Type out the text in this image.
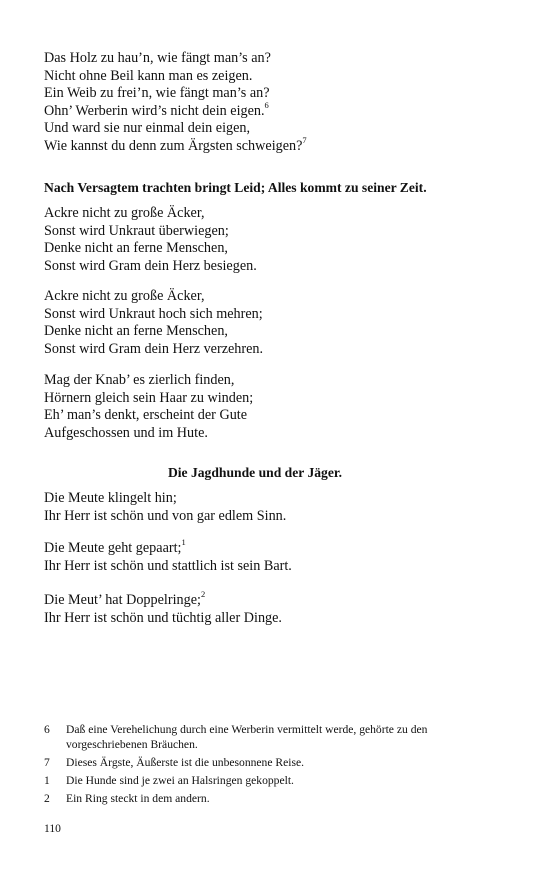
Das Holz zu hau’n, wie fängt man’s an?
Nicht ohne Beil kann man es zeigen.
Ein Weib zu frei’n, wie fängt man’s an?
Ohn’ Werberin wird’s nicht dein eigen.$^6$
Und ward sie nur einmal dein eigen,
Wie kannst du denn zum Ärgsten schweigen?$^7$
Nach Versagtem trachten bringt Leid; Alles kommt zu seiner Zeit.
Ackre nicht zu große Äcker,
Sonst wird Unkraut überwiegen;
Denke nicht an ferne Menschen,
Sonst wird Gram dein Herz besiegen.
Ackre nicht zu große Äcker,
Sonst wird Unkraut hoch sich mehren;
Denke nicht an ferne Menschen,
Sonst wird Gram dein Herz verzehren.
Mag der Knab’ es zierlich finden,
Hörnern gleich sein Haar zu winden;
Eh’ man’s denkt, erscheint der Gute
Aufgeschossen und im Hute.
Die Jagdhunde und der Jäger.
Die Meute klingelt hin;
Ihr Herr ist schön und von gar edlem Sinn.
Die Meute geht gepaart;$^1$
Ihr Herr ist schön und stattlich ist sein Bart.
Die Meut’ hat Doppelringe;$^2$
Ihr Herr ist schön und tüchtig aller Dinge.
6	Daß eine Verehelichung durch eine Werberin vermittelt werde, gehörte zu den vorgeschriebenen Bräuchen.
7	Dieses Ärgste, Äußerste ist die unbesonnene Reise.
1	Die Hunde sind je zwei an Halsringen gekoppelt.
2	Ein Ring steckt in dem andern.
110
